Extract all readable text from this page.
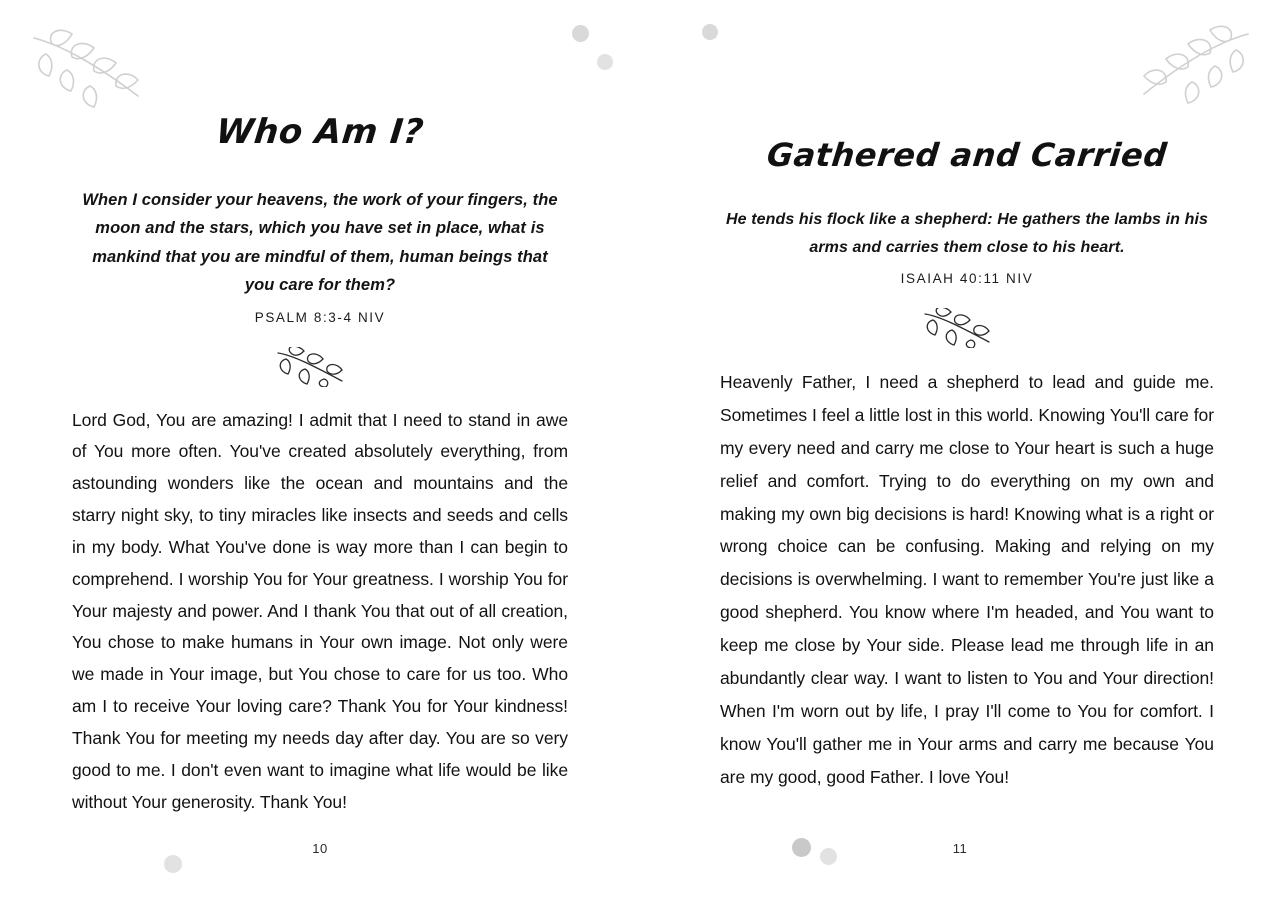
Who Am I?
When I consider your heavens, the work of your fingers, the moon and the stars, which you have set in place, what is mankind that you are mindful of them, human beings that you care for them?
PSALM 8:3-4 NIV
Lord God, You are amazing! I admit that I need to stand in awe of You more often. You've created absolutely everything, from astounding wonders like the ocean and mountains and the starry night sky, to tiny miracles like insects and seeds and cells in my body. What You've done is way more than I can begin to comprehend. I worship You for Your greatness. I worship You for Your majesty and power. And I thank You that out of all creation, You chose to make humans in Your own image. Not only were we made in Your image, but You chose to care for us too. Who am I to receive Your loving care? Thank You for Your kindness! Thank You for meeting my needs day after day. You are so very good to me. I don't even want to imagine what life would be like without Your generosity. Thank You!
10
Gathered and Carried
He tends his flock like a shepherd: He gathers the lambs in his arms and carries them close to his heart.
ISAIAH 40:11 NIV
Heavenly Father, I need a shepherd to lead and guide me. Sometimes I feel a little lost in this world. Knowing You'll care for my every need and carry me close to Your heart is such a huge relief and comfort. Trying to do everything on my own and making my own big decisions is hard! Knowing what is a right or wrong choice can be confusing. Making and relying on my decisions is overwhelming. I want to remember You're just like a good shepherd. You know where I'm headed, and You want to keep me close by Your side. Please lead me through life in an abundantly clear way. I want to listen to You and Your direction! When I'm worn out by life, I pray I'll come to You for comfort. I know You'll gather me in Your arms and carry me because You are my good, good Father. I love You!
11
